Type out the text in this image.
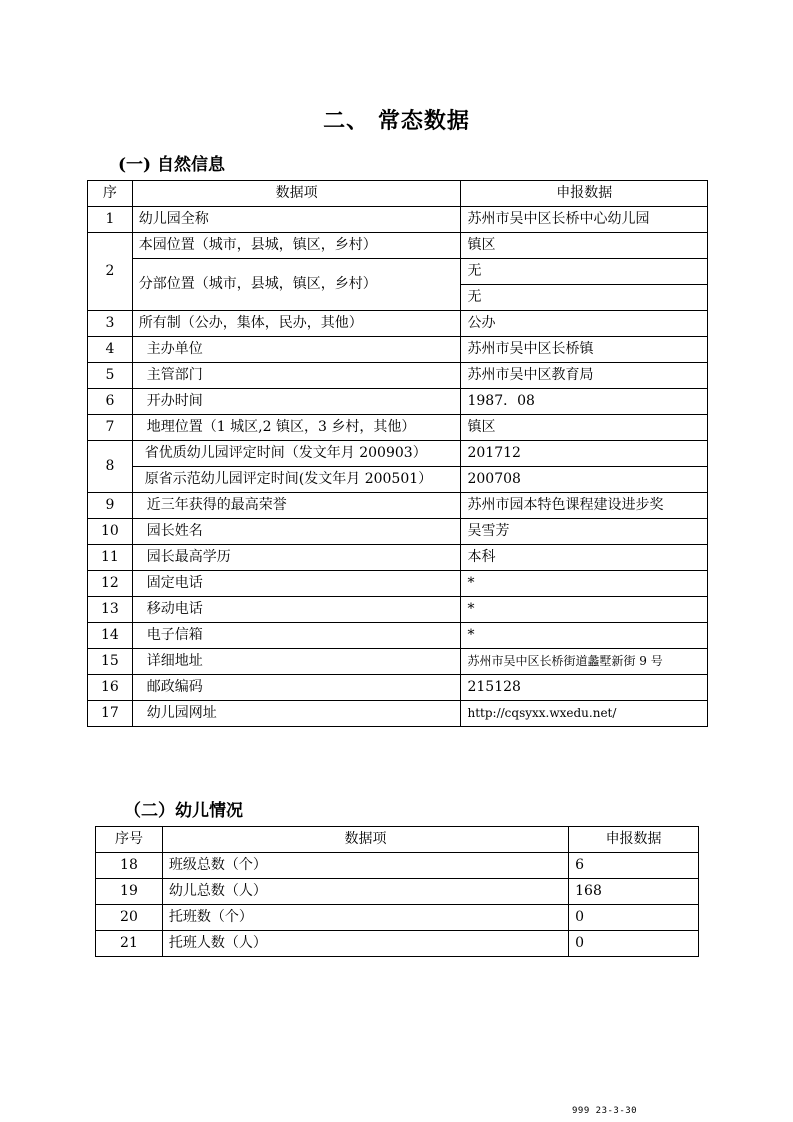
二、 常态数据
(一) 自然信息
序	数据项	申报数据
1	幼儿园全称	苏州市吴中区长桥中心幼儿园
2	本园位置（城市，县城，镇区，乡村）	镇区
	分部位置（城市，县城，镇区，乡村）	无
		无
3	所有制（公办，集体，民办，其他）	公办
4	主办单位	苏州市吴中区长桥镇
5	主管部门	苏州市吴中区教育局
6	开办时间	1987．08
7	地理位置（1 城区,2 镇区，3 乡村，其他）	镇区
8	省优质幼儿园评定时间（发文年月 200903）	201712
	原省示范幼儿园评定时间(发文年月 200501）	200708
9	近三年获得的最高荣誉	苏州市园本特色课程建设进步奖
10	园长姓名	吴雪芳
11	园长最高学历	本科
12	固定电话	*
13	移动电话	*
14	电子信箱	*
15	详细地址	苏州市吴中区长桥街道蠡墅新街 9 号
16	邮政编码	215128
17	幼儿园网址	http://cqsyxx.wxedu.net/
（二）幼儿情况
序号	数据项	申报数据
18	班级总数（个）	6
19	幼儿总数（人）	168
20	托班数（个）	0
21	托班人数（人）	0
999 23-3-30
